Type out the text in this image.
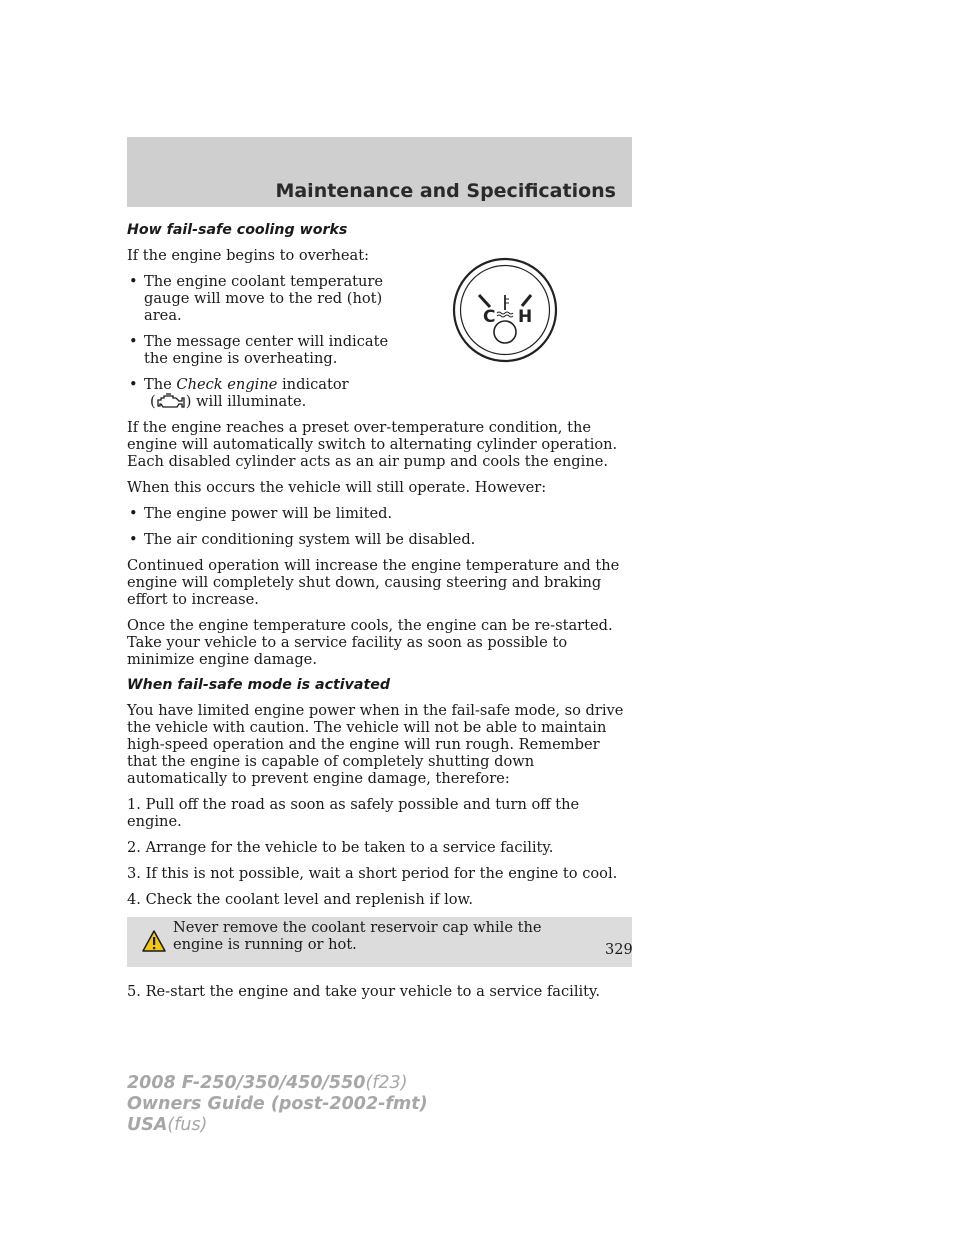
Maintenance and Specifications
C H
How fail-safe cooling works

If the engine begins to overheat:

• The engine coolant temperature gauge will move to the red (hot) area.
• The message center will indicate the engine is overheating.
• The Check engine indicator
( ) will illuminate.

If the engine reaches a preset over-temperature condition, the engine will automatically switch to alternating cylinder operation. Each disabled cylinder acts as an air pump and cools the engine.

When this occurs the vehicle will still operate. However:

• The engine power will be limited.
• The air conditioning system will be disabled.

Continued operation will increase the engine temperature and the engine will completely shut down, causing steering and braking effort to increase.

Once the engine temperature cools, the engine can be re-started. Take your vehicle to a service facility as soon as possible to minimize engine damage.

When fail-safe mode is activated

You have limited engine power when in the fail-safe mode, so drive the vehicle with caution. The vehicle will not be able to maintain high-speed operation and the engine will run rough. Remember that the engine is capable of completely shutting down automatically to prevent engine damage, therefore:

1. Pull off the road as soon as safely possible and turn off the engine.

2. Arrange for the vehicle to be taken to a service facility.

3. If this is not possible, wait a short period for the engine to cool.

4. Check the coolant level and replenish if low.

Never remove the coolant reservoir cap while the engine is running or hot.

5. Re-start the engine and take your vehicle to a service facility.

329
2008 F-250/350/450/550(f23)
Owners Guide (post-2002-fmt)
USA(fus)
